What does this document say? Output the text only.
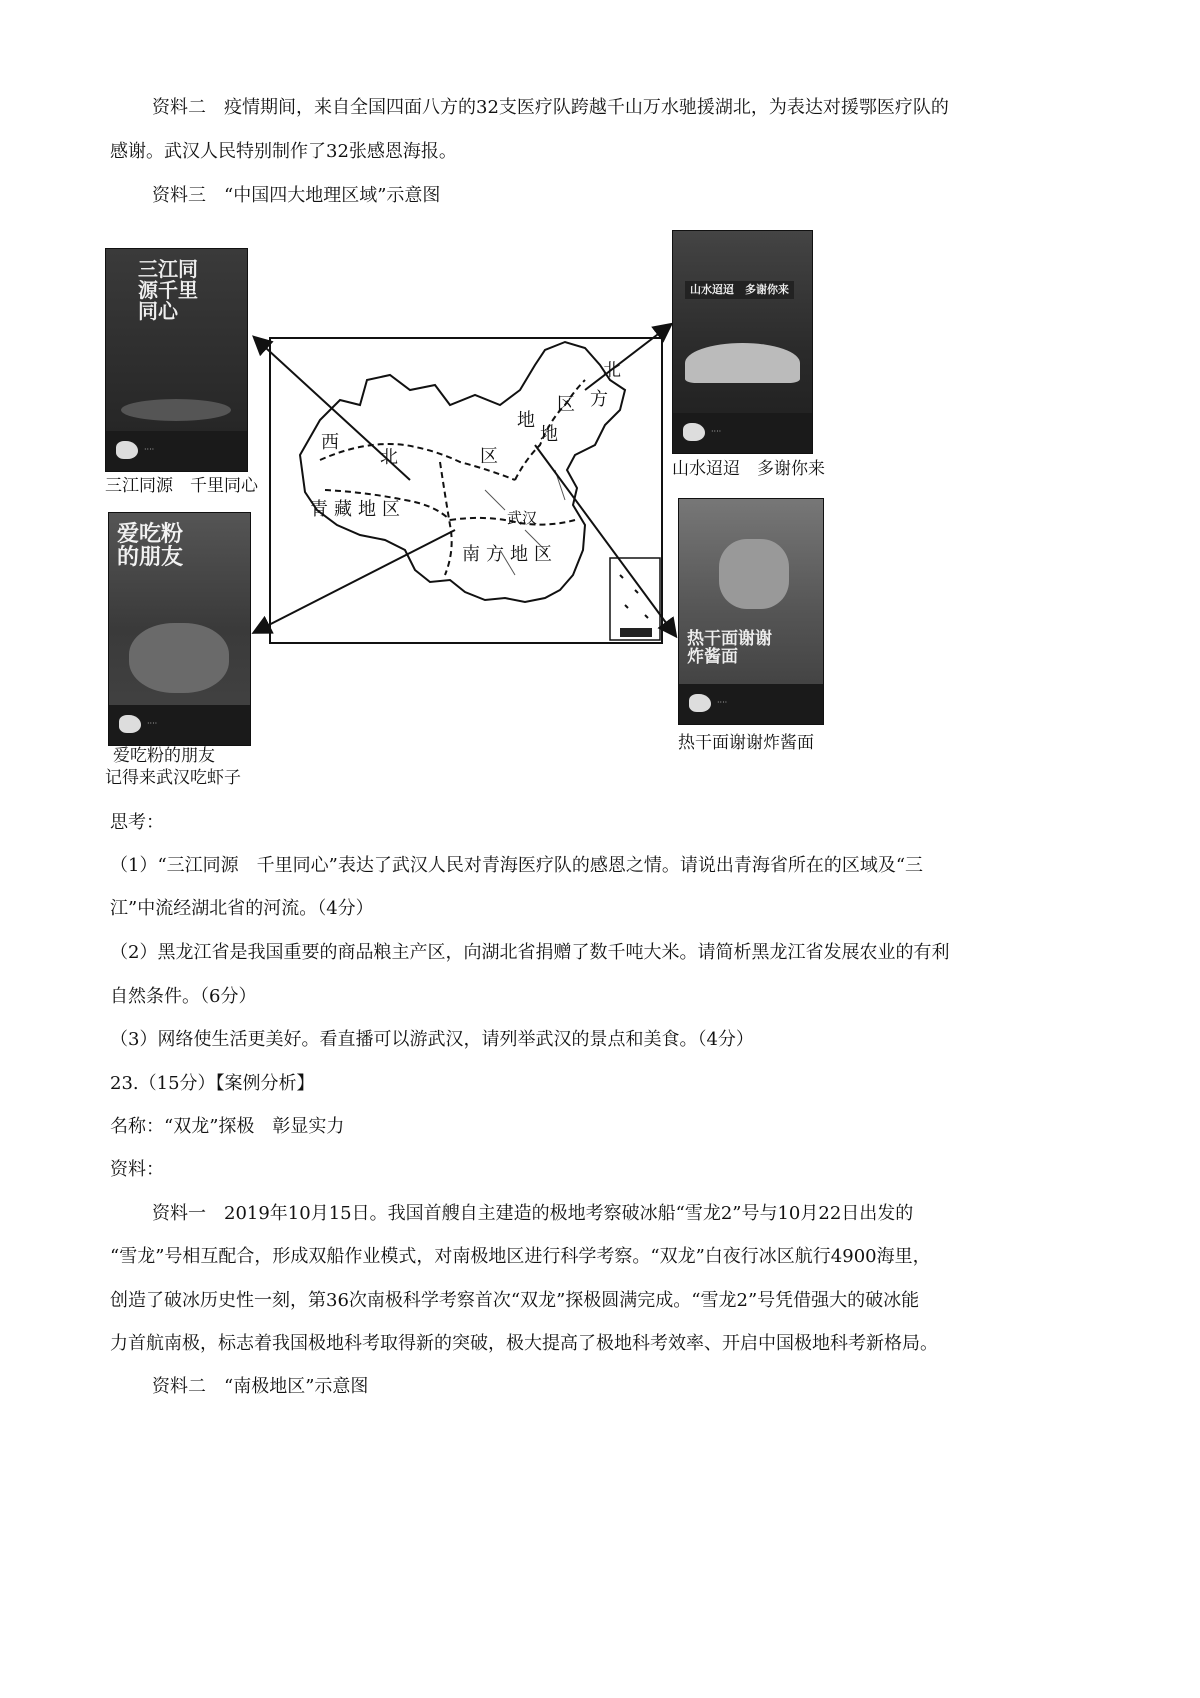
资料二　疫情期间，来自全国四面八方的32支医疗队跨越千山万水驰援湖北，为表达对援鄂医疗队的
感谢。武汉人民特别制作了32张感恩海报。
资料三　“中国四大地理区域”示意图
思考：
（1）“三江同源　千里同心”表达了武汉人民对青海医疗队的感恩之情。请说出青海省所在的区域及“三
江”中流经湖北省的河流。（4分）
（2）黑龙江省是我国重要的商品粮主产区，向湖北省捐赠了数千吨大米。请简析黑龙江省发展农业的有利
自然条件。（6分）
（3）网络使生活更美好。看直播可以游武汉，请列举武汉的景点和美食。（4分）
23.（15分）【案例分析】
名称：“双龙”探极　彰显实力
资料：
资料一　2019年10月15日。我国首艘自主建造的极地考察破冰船“雪龙2”号与10月22日出发的
“雪龙”号相互配合，形成双船作业模式，对南极地区进行科学考察。“双龙”白夜行冰区航行4900海里，
创造了破冰历史性一刻，第36次南极科学考察首次“双龙”探极圆满完成。“雪龙2”号凭借强大的破冰能
力首航南极，标志着我国极地科考取得新的突破，极大提高了极地科考效率、开启中国极地科考新格局。
资料二　“南极地区”示意图
西
北
北
方
地
区
地
区
青藏地区	武汉
南方地区
三江同源千里同心
····
三江同源　千里同心
山水迢迢　多谢你来
····
山水迢迢　多谢你来
爱吃粉的朋友
····
爱吃粉的朋友
记得来武汉吃虾子
热干面谢谢炸酱面
····
热干面谢谢炸酱面
